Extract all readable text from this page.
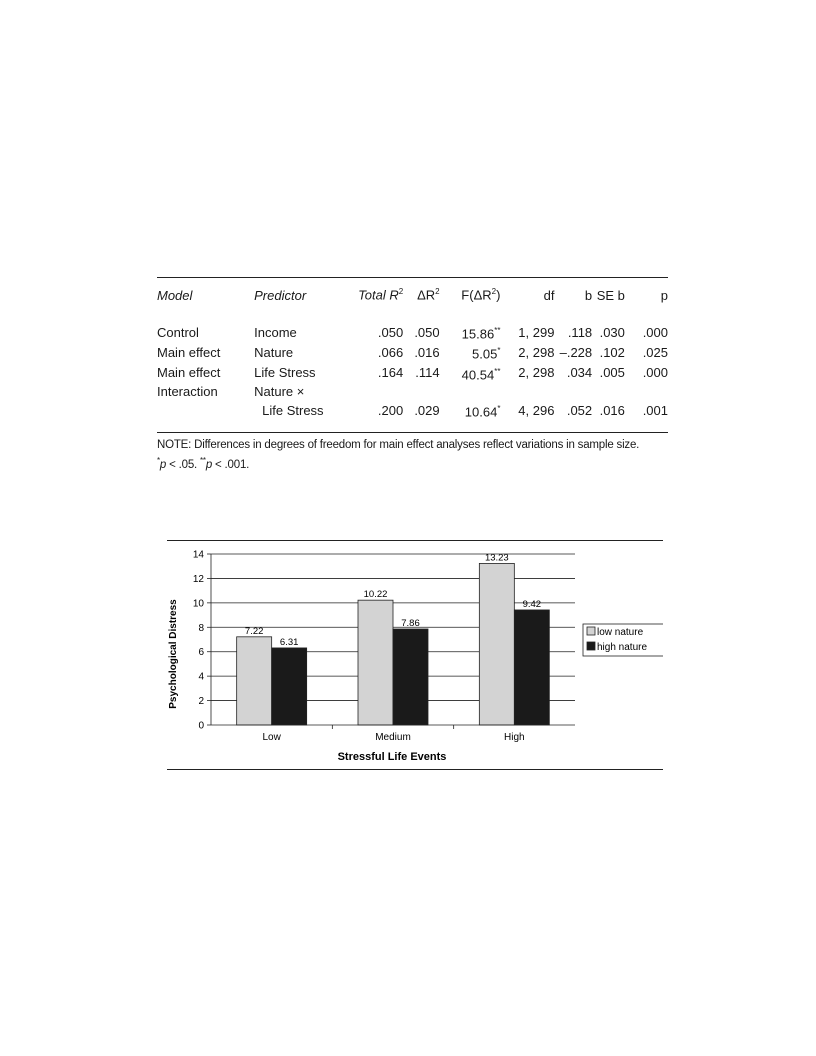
Model	Predictor	Total $R^2$	$\Delta R^2$	$F(\Delta R^2)$	df	b	SE b	p
Control	Income	.050	.050	15.86**	1, 299	.118	.030	.000
Main effect	Nature	.066	.016	5.05*	2, 298	–.228	.102	.025
Main effect	Life Stress	.164	.114	40.54**	2, 298	.034	.005	.000
Interaction	Nature ×							
	Life Stress	.200	.029	10.64*	4, 296	.052	.016	.001
NOTE: Differences in degrees of freedom for main effect analyses reflect variations in sample size.
*p < .05. **p < .001.
7.22
6.31
10.22
7.86
13.23
9.42
0
2
4
6
8
10
12
14
Low	Medium	High
Psychological Distress
Stressful Life Events
low nature
high nature
